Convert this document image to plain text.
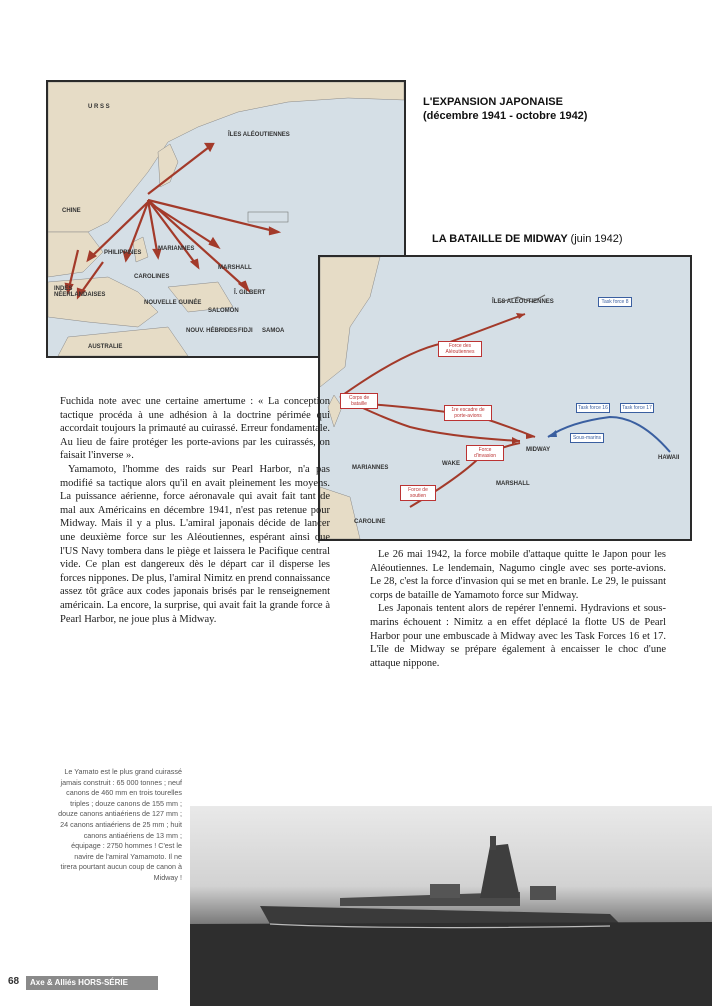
U R S S
ÎLES ALÉOUTIENNES
CHINE
PHILIPPINES
MARIANNES
CAROLINES
MARSHALL
Î. GILBERT
SALOMON
INDES NÉERLANDAISES
NOUVELLE GUINÉE
NOUV. HÉBRIDES FIDJI SAMOA
AUSTRALIE
L'EXPANSION JAPONAISE
(décembre 1941 - octobre 1942)
LA BATAILLE DE MIDWAY (juin 1942)
ÎLES ALÉOUTIENNES
MIDWAY
MARIANNES
WAKE
MARSHALL
CAROLINE
HAWAII
Force des Aléoutiennes
Corps de bataille
1re escadre de porte-avions
Force d'invasion
Force de soutien
Task force 8
Task force 16	Task force 17
Sous-marins

Fuchida note avec une certaine amertume : « La conception tactique procéda à une adhésion à la doctrine périmée qui accordait toujours la primauté au cuirassé. Erreur fondamentale. Au lieu de faire protéger les porte-avions par les cuirassés, on faisait l'inverse ».

Yamamoto, l'homme des raids sur Pearl Harbor, n'a pas modifié sa tactique alors qu'il en avait pleinement les moyens. La puissance aérienne, force aéronavale qui avait fait tant de mal aux Américains en décembre 1941, n'est pas retenue pour Midway. Mais il y a plus. L'amiral japonais décide de lancer une deuxième force sur les Aléoutiennes, espérant ainsi que l'US Navy tombera dans le piège et laissera le Pacifique central vide. Ce plan est dangereux dès le départ car il disperse les forces nippones. De plus, l'amiral Nimitz en prend connaissance assez tôt grâce aux codes japonais brisés par le renseignement américain. La encore, la surprise, qui avait fait la grande force à Pearl Harbor, ne joue plus à Midway.

Le 26 mai 1942, la force mobile d'attaque quitte le Japon pour les Aléoutiennes. Le lendemain, Nagumo cingle avec ses porte-avions. Le 28, c'est la force d'invasion qui se met en branle. Le 29, le puissant corps de bataille de Yamamoto force sur Midway.

Les Japonais tentent alors de repérer l'ennemi. Hydravions et sous-marins échouent : Nimitz a en effet déplacé la flotte US de Pearl Harbor pour une embuscade à Midway avec les Task Forces 16 et 17. L'île de Midway se prépare également à encaisser le choc d'une attaque nippone.

Le Yamato est le plus grand cuirassé jamais construit : 65 000 tonnes ; neuf canons de 460 mm en trois tourelles triples ; douze canons de 155 mm ; douze canons antiaériens de 127 mm ; 24 canons antiaériens de 25 mm ; huit canons antiaériens de 13 mm ; équipage : 2750 hommes ! C'est le navire de l'amiral Yamamoto. Il ne tirera pourtant aucun coup de canon à Midway !
68	Axe & Alliés HORS-SÉRIE
